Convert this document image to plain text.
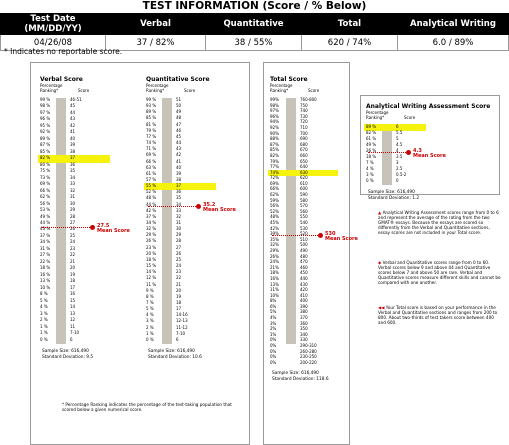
TEST INFORMATION (Score / % Below)
Test Date (MM/DD/YY)	Verbal	Quantitative	Total	Analytical Writing
04/26/08	37 / 82%	38 / 55%	620 / 74%	6.0 / 89%
* Indicates no reportable score.
Verbal Score
Percentage Ranking*	Score
99 %	46-51
98 %	45
97 %	44
96 %	43
95 %	42
92 %	41
89 %	40
87 %	39
85 %	38
82 %	37
80 %	36
75 %	35
73 %	34
69 %	33
66 %	32
62 %	31
56 %	30
53 %	29
49 %	28
44 %	27
43 %	26
37 %	25
34 %	24
31 %	23
27 %	22
22 %	21
18 %	20
16 %	19
13 %	18
10 %	17
8 %	16
5 %	15
4 %	14
3 %	13
2 %	12
1 %	11
1 %	7-10
0 %	6
27.5
Mean Score
Sample Size: 616,490
Standard Deviation: 9.5
Quantitative Score
Percentage Ranking*	Score
99 %	51
93 %	50
89 %	49
85 %	48
81 %	47
79 %	46
77 %	45
74 %	44
71 %	43
69 %	42
66 %	41
63 %	40
61 %	39
57 %	38
55 %	37
52 %	36
48 %	35
44 %	34
42 %	33
37 %	32
34 %	31
32 %	30
29 %	29
26 %	28
23 %	27
20 %	26
18 %	25
15 %	24
14 %	23
12 %	22
11 %	21
9 %	20
8 %	19
7 %	18
5 %	17
4 %	14-16
3 %	12-13
2 %	11-12
1 %	7-10
0 %	6
35.2
Mean Score
Sample Size: 616,490
Standard Deviation: 10.6
Total Score
Percentage Ranking*	Score
99%	760-800
98%	750
97%	740
96%	730
94%	720
92%	710
90%	700
88%	690
87%	680
85%	670
82%	660
79%	650
77%	640
74%	630
72%	620
69%	610
66%	600
62%	590
59%	580
56%	570
52%	560
48%	550
45%	540
42%	530
39%	520
35%	510
32%	500
29%	490
26%	480
24%	470
21%	460
18%	450
16%	440
13%	430
11%	420
10%	410
8%	400
6%	390
5%	380
4%	370
3%	360
2%	350
1%	340
0%	330
0%	290-310
0%	260-280
0%	230-250
0%	200-220
530
Mean Score
Sample Size: 616,490
Standard Deviation: 118.6
Analytical Writing Assessment Score
Percentage Ranking*	Score
89 %	6
82 %	5.5
61 %	5
49 %	4.5
26 %	4
18 %	3.5
7 %	3
4 %	2.5
3 %	0.5-2
0 %	0
4.3
Mean Score
Sample Size: 616,490
Standard Deviation: 1.2
▲ Analytical Writing Assessment scores range from 0 to 6 and represent the average of the rating from the two GMAT® essays. Because the essays are scored so differently from the Verbal and Quantitative sections, essay scores are not included in your Total score.
◆ Verbal and Quantitative scores range from 0 to 60. Verbal scores below 9 and above 44 and Quantitative scores below 7 and above 50 are rare. Verbal and Quantitative scores measure different skills and cannot be compared with one another.
◀◀ Your Total score is based on your performance in the Verbal and Quantitative sections and ranges from 200 to 800. About two-thirds of test takers score between 400 and 600.
* Percentage Ranking indicates the percentage of the test-taking population that scored below a given numerical score.
